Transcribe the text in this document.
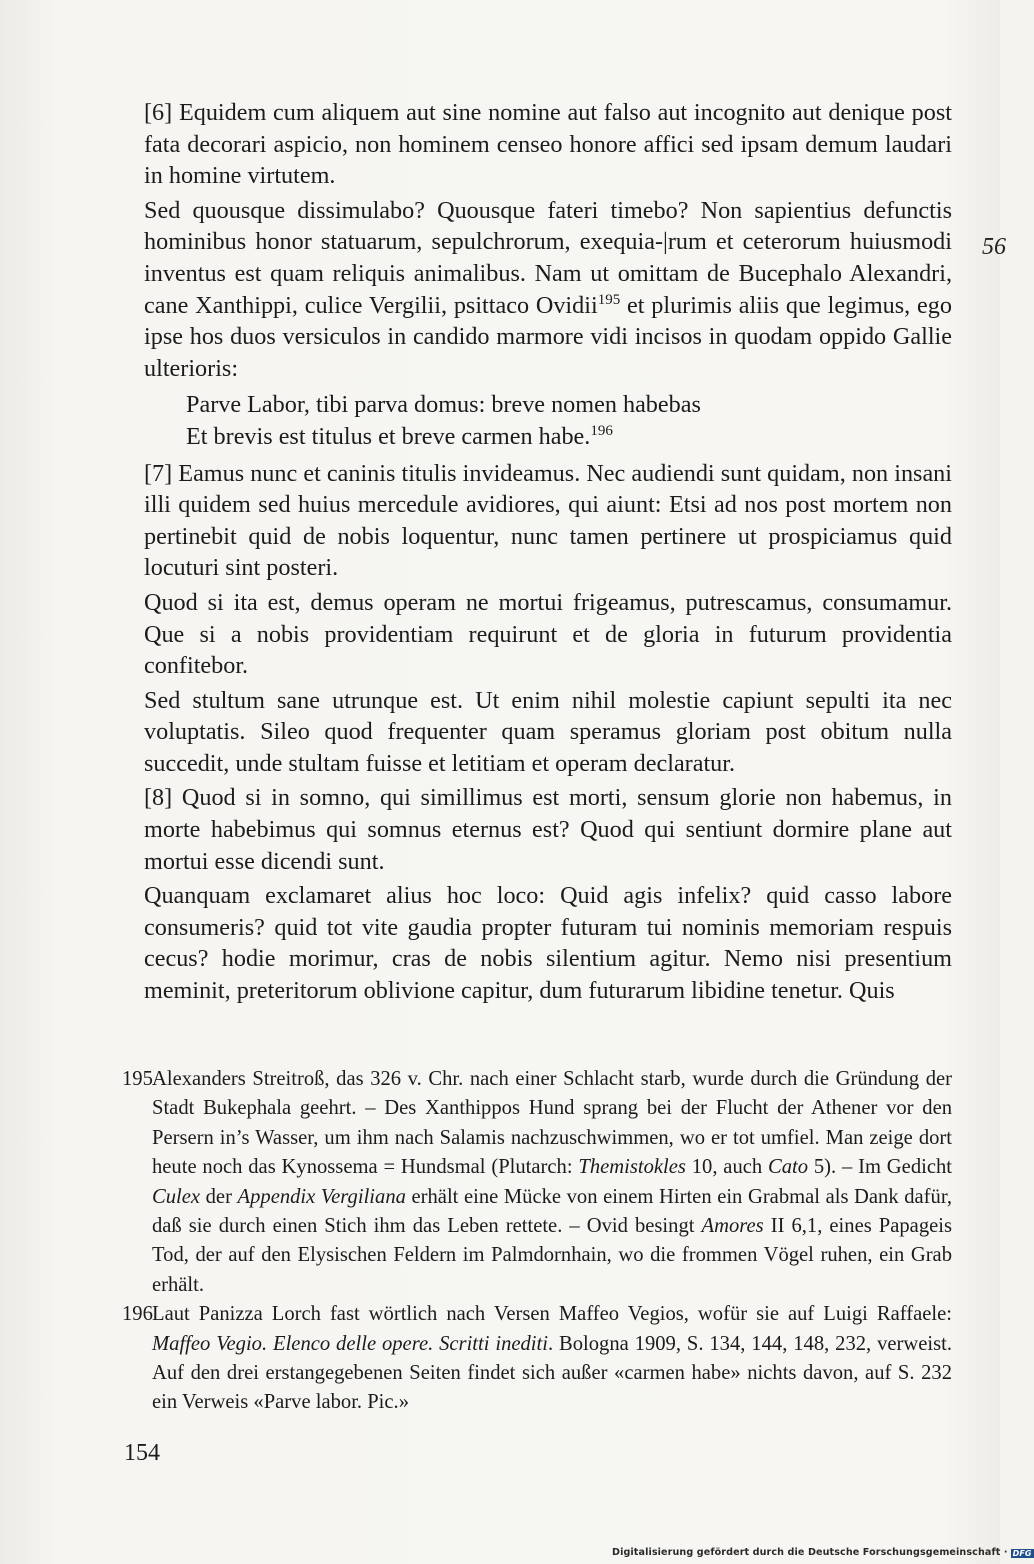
[6] Equidem cum aliquem aut sine nomine aut falso aut incognito aut denique post fata decorari aspicio, non hominem censeo honore affici sed ipsam demum laudari in homine virtutem.

Sed quousque dissimulabo? Quousque fateri timebo? Non sapientius defunctis hominibus honor statuarum, sepulchrorum, exequia-|rum et ceterorum huiusmodi inventus est quam reliquis animalibus. Nam ut omittam de Bucephalo Alexandri, cane Xanthippi, culice Vergilii, psittaco Ovidii$^{195}$ et plurimis aliis que legimus, ego ipse hos duos versiculos in candido marmore vidi incisos in quodam oppido Gallie ulterioris:

Parve Labor, tibi parva domus: breve nomen habebas
Et brevis est titulus et breve carmen habe.$^{196}$

[7] Eamus nunc et caninis titulis invideamus. Nec audiendi sunt quidam, non insani illi quidem sed huius mercedule avidiores, qui aiunt: Etsi ad nos post mortem non pertinebit quid de nobis loquentur, nunc tamen pertinere ut prospiciamus quid locuturi sint posteri.

Quod si ita est, demus operam ne mortui frigeamus, putrescamus, consumamur. Que si a nobis providentiam requirunt et de gloria in futurum providentia confitebor.

Sed stultum sane utrunque est. Ut enim nihil molestie capiunt sepulti ita nec voluptatis. Sileo quod frequenter quam speramus gloriam post obitum nulla succedit, unde stultam fuisse et letitiam et operam declaratur.

[8] Quod si in somno, qui simillimus est morti, sensum glorie non habemus, in morte habebimus qui somnus eternus est? Quod qui sentiunt dormire plane aut mortui esse dicendi sunt.

Quanquam exclamaret alius hoc loco: Quid agis infelix? quid casso labore consumeris? quid tot vite gaudia propter futuram tui nominis memoriam respuis cecus? hodie morimur, cras de nobis silentium agitur. Nemo nisi presentium meminit, preteritorum oblivione capitur, dum futurarum libidine tenetur. Quis

56

195Alexanders Streitroß, das 326 v. Chr. nach einer Schlacht starb, wurde durch die Gründung der Stadt Bukephala geehrt. – Des Xanthippos Hund sprang bei der Flucht der Athener vor den Persern in’s Wasser, um ihm nach Salamis nachzuschwimmen, wo er tot umfiel. Man zeige dort heute noch das Kynossema = Hundsmal (Plutarch: Themistokles 10, auch Cato 5). – Im Gedicht Culex der Appendix Vergiliana erhält eine Mücke von einem Hirten ein Grabmal als Dank dafür, daß sie durch einen Stich ihm das Leben rettete. – Ovid besingt Amores II 6,1, eines Papageis Tod, der auf den Elysischen Feldern im Palmdornhain, wo die frommen Vögel ruhen, ein Grab erhält.

196Laut Panizza Lorch fast wörtlich nach Versen Maffeo Vegios, wofür sie auf Luigi Raffaele: Maffeo Vegio. Elenco delle opere. Scritti inediti. Bologna 1909, S. 134, 144, 148, 232, verweist. Auf den drei erstangegebenen Seiten findet sich außer «carmen habe» nichts davon, auf S. 232 ein Verweis «Parve labor. Pic.»

154
Digitalisierung gefördert durch die Deutsche Forschungsgemeinschaft · DFG
